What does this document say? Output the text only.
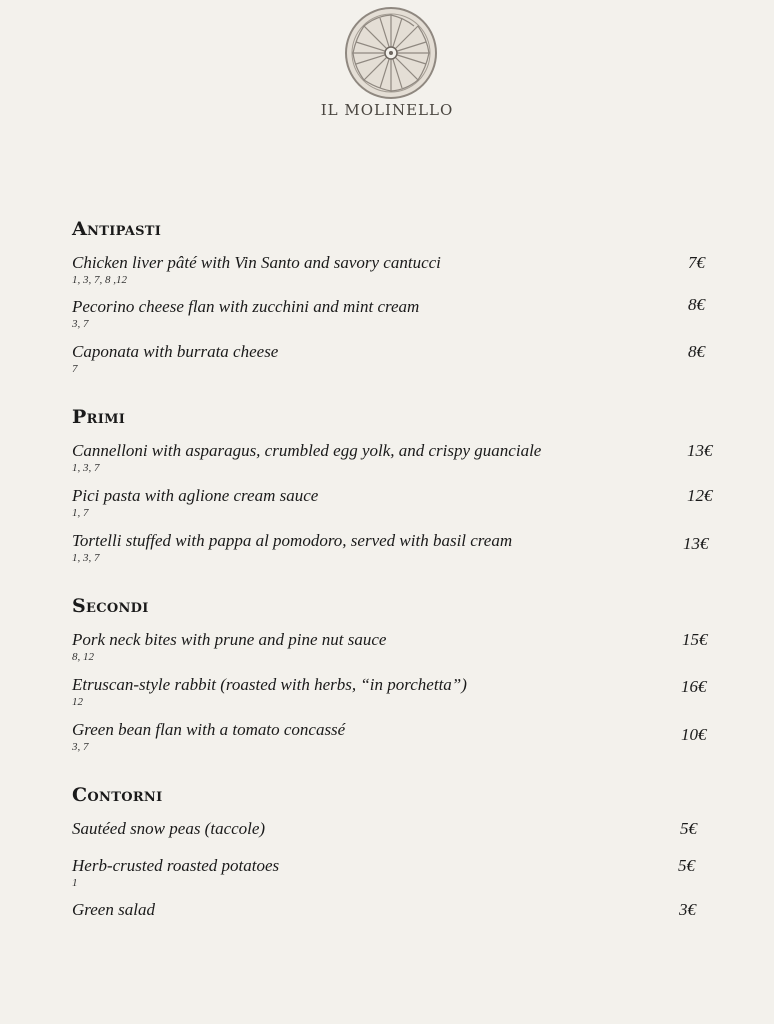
IL MOLINELLO
Antipasti
Chicken liver pâté with Vin Santo and savory cantucci
1, 3, 7, 8 ,12
7€
Pecorino cheese flan with zucchini and mint cream
3, 7
8€
Caponata with burrata cheese
7
8€
Primi
Cannelloni with asparagus, crumbled egg yolk, and crispy guanciale
1, 3, 7
13€
Pici pasta with aglione cream sauce
1, 7
12€
Tortelli stuffed with pappa al pomodoro, served with basil cream
1, 3, 7
13€
Secondi
Pork neck bites with prune and pine nut sauce
8, 12
15€
Etruscan-style rabbit (roasted with herbs, “in porchetta”)
12
16€
Green bean flan with a tomato concassé
3, 7
10€
Contorni
Sautéed snow peas (taccole)	5€
Herb-crusted roasted potatoes
1
5€
Green salad	3€
